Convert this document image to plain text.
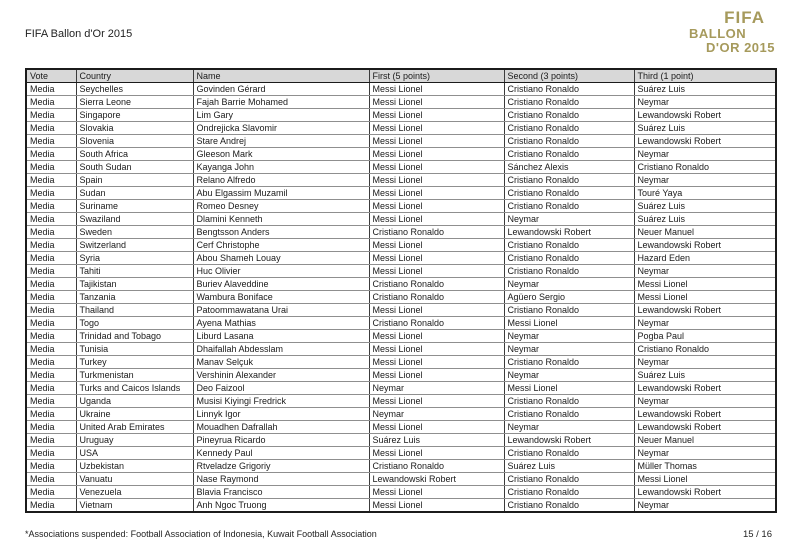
FIFA Ballon d'Or 2015
FIFA
BALLON
D'OR 2015
Vote	Country	Name	First (5 points)	Second (3 points)	Third (1 point)
Media	Seychelles	Govinden Gérard	Messi Lionel	Cristiano Ronaldo	Suárez Luis
Media	Sierra Leone	Fajah Barrie Mohamed	Messi Lionel	Cristiano Ronaldo	Neymar
Media	Singapore	Lim Gary	Messi Lionel	Cristiano Ronaldo	Lewandowski Robert
Media	Slovakia	Ondrejicka Slavomir	Messi Lionel	Cristiano Ronaldo	Suárez Luis
Media	Slovenia	Stare Andrej	Messi Lionel	Cristiano Ronaldo	Lewandowski Robert
Media	South Africa	Gleeson Mark	Messi Lionel	Cristiano Ronaldo	Neymar
Media	South Sudan	Kayanga John	Messi Lionel	Sánchez Alexis	Cristiano Ronaldo
Media	Spain	Relano Alfredo	Messi Lionel	Cristiano Ronaldo	Neymar
Media	Sudan	Abu Elgassim Muzamil	Messi Lionel	Cristiano Ronaldo	Touré Yaya
Media	Suriname	Romeo Desney	Messi Lionel	Cristiano Ronaldo	Suárez Luis
Media	Swaziland	Dlamini Kenneth	Messi Lionel	Neymar	Suárez Luis
Media	Sweden	Bengtsson Anders	Cristiano Ronaldo	Lewandowski Robert	Neuer Manuel
Media	Switzerland	Cerf Christophe	Messi Lionel	Cristiano Ronaldo	Lewandowski Robert
Media	Syria	Abou Shameh Louay	Messi Lionel	Cristiano Ronaldo	Hazard Eden
Media	Tahiti	Huc Olivier	Messi Lionel	Cristiano Ronaldo	Neymar
Media	Tajikistan	Buriev Alaveddine	Cristiano Ronaldo	Neymar	Messi Lionel
Media	Tanzania	Wambura Boniface	Cristiano Ronaldo	Agüero Sergio	Messi Lionel
Media	Thailand	Patoommawatana Urai	Messi Lionel	Cristiano Ronaldo	Lewandowski Robert
Media	Togo	Ayena Mathias	Cristiano Ronaldo	Messi Lionel	Neymar
Media	Trinidad and Tobago	Liburd Lasana	Messi Lionel	Neymar	Pogba Paul
Media	Tunisia	Dhaifallah Abdesslam	Messi Lionel	Neymar	Cristiano Ronaldo
Media	Turkey	Manav Selçuk	Messi Lionel	Cristiano Ronaldo	Neymar
Media	Turkmenistan	Vershinin Alexander	Messi Lionel	Neymar	Suárez Luis
Media	Turks and Caicos Islands	Deo Faizool	Neymar	Messi Lionel	Lewandowski Robert
Media	Uganda	Musisi Kiyingi Fredrick	Messi Lionel	Cristiano Ronaldo	Neymar
Media	Ukraine	Linnyk Igor	Neymar	Cristiano Ronaldo	Lewandowski Robert
Media	United Arab Emirates	Mouadhen Dafrallah	Messi Lionel	Neymar	Lewandowski Robert
Media	Uruguay	Pineyrua Ricardo	Suárez Luis	Lewandowski Robert	Neuer Manuel
Media	USA	Kennedy Paul	Messi Lionel	Cristiano Ronaldo	Neymar
Media	Uzbekistan	Rtveladze Grigoriy	Cristiano Ronaldo	Suárez Luis	Müller Thomas
Media	Vanuatu	Nase Raymond	Lewandowski Robert	Cristiano Ronaldo	Messi Lionel
Media	Venezuela	Blavia Francisco	Messi Lionel	Cristiano Ronaldo	Lewandowski Robert
Media	Vietnam	Anh Ngoc Truong	Messi Lionel	Cristiano Ronaldo	Neymar
*Associations suspended: Football Association of Indonesia, Kuwait Football Association	15 / 16
